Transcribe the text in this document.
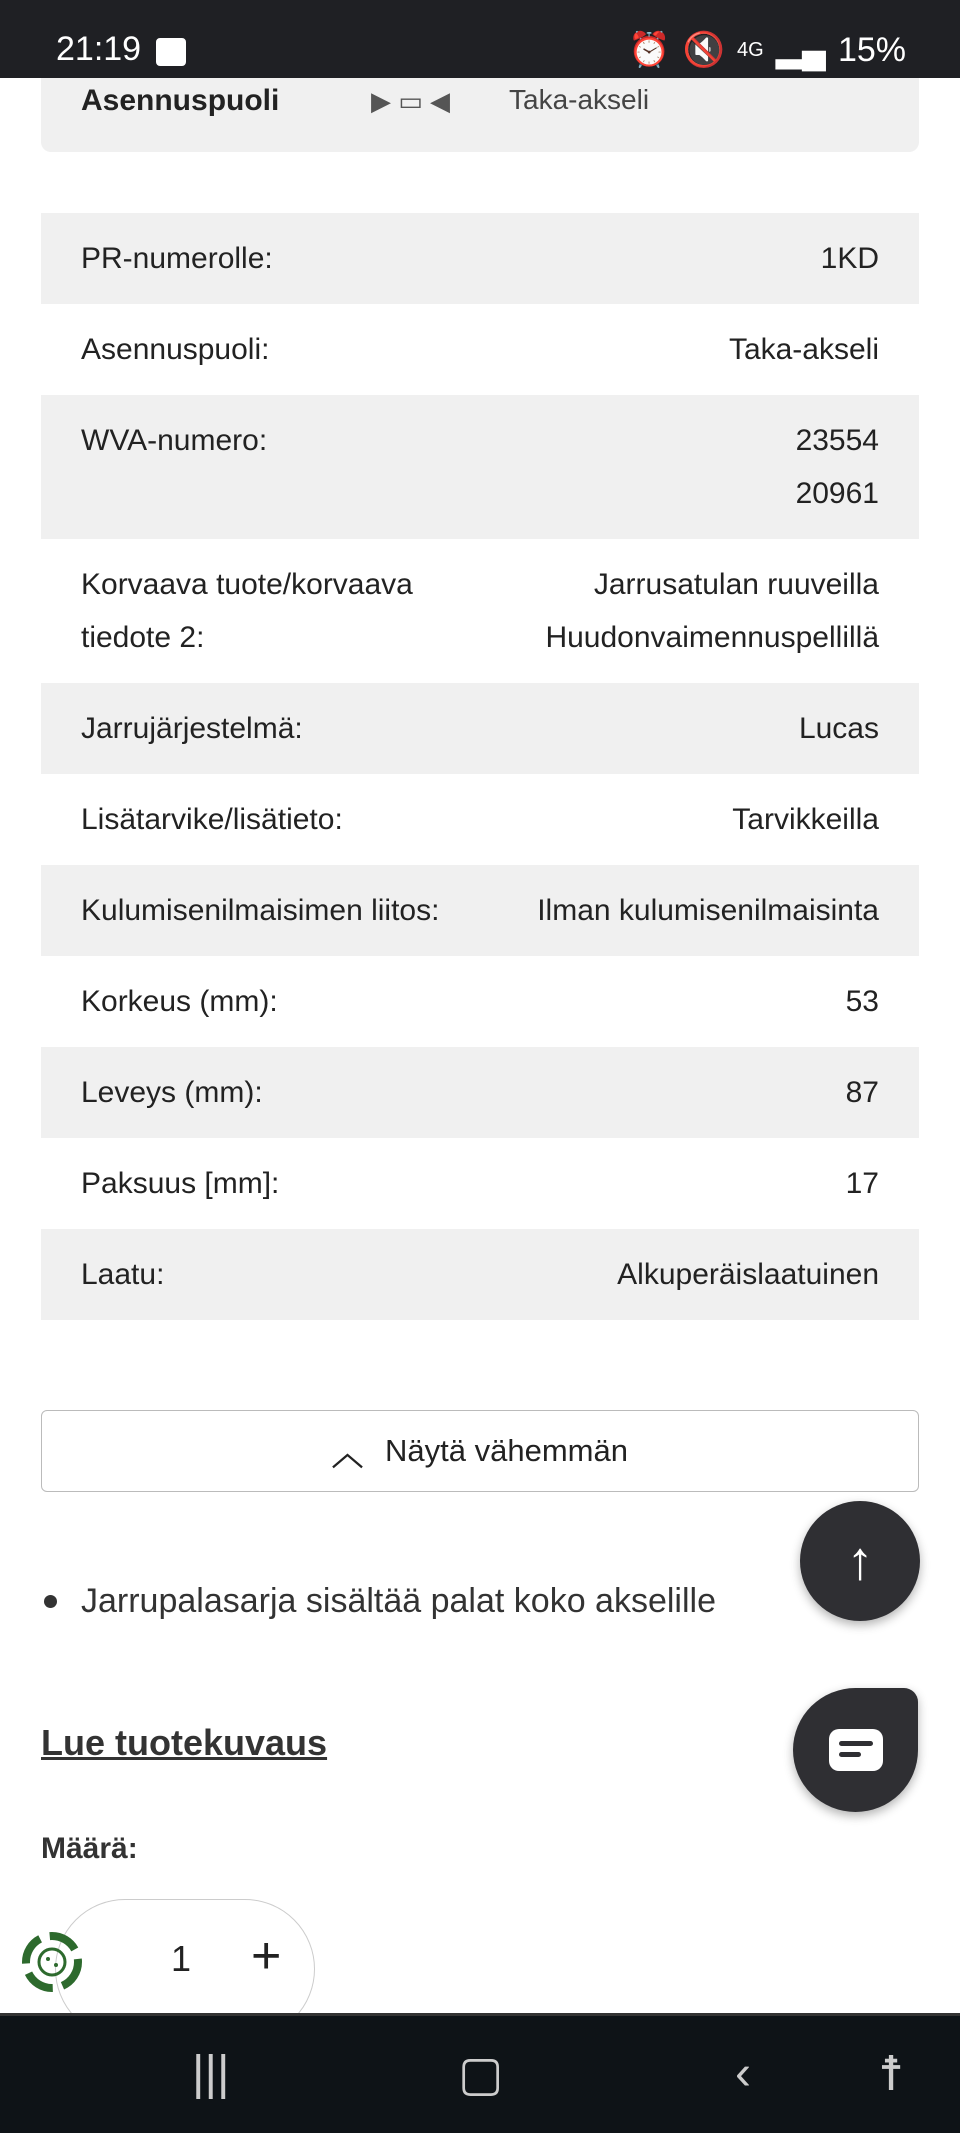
21:19	⏰ 🔇 4G ▂▄ 15%
Asennuspuoli	▶ ▭ ◀ Taka-akseli
PR-numerolle:	1KD
Asennuspuoli:	Taka-akseli
WVA-numero:	23554
20961
Korvaava tuote/korvaava tiedote 2:
Jarrusatulan ruuveilla
Huudonvaimennuspellillä
Jarrujärjestelmä:	Lucas
Lisätarvike/lisätieto:	Tarvikkeilla
Kulumisenilmaisimen liitos:	Ilman kulumisenilmaisinta
Korkeus (mm):	53
Leveys (mm):	87
Paksuus [mm]:	17
Laatu:	Alkuperäislaatuinen
︿ Näytä vähemmän
↑
Jarrupalasarja sisältää palat koko akselille
Lue tuotekuvaus
Määrä:
1 +
|||	▢	‹	☨
